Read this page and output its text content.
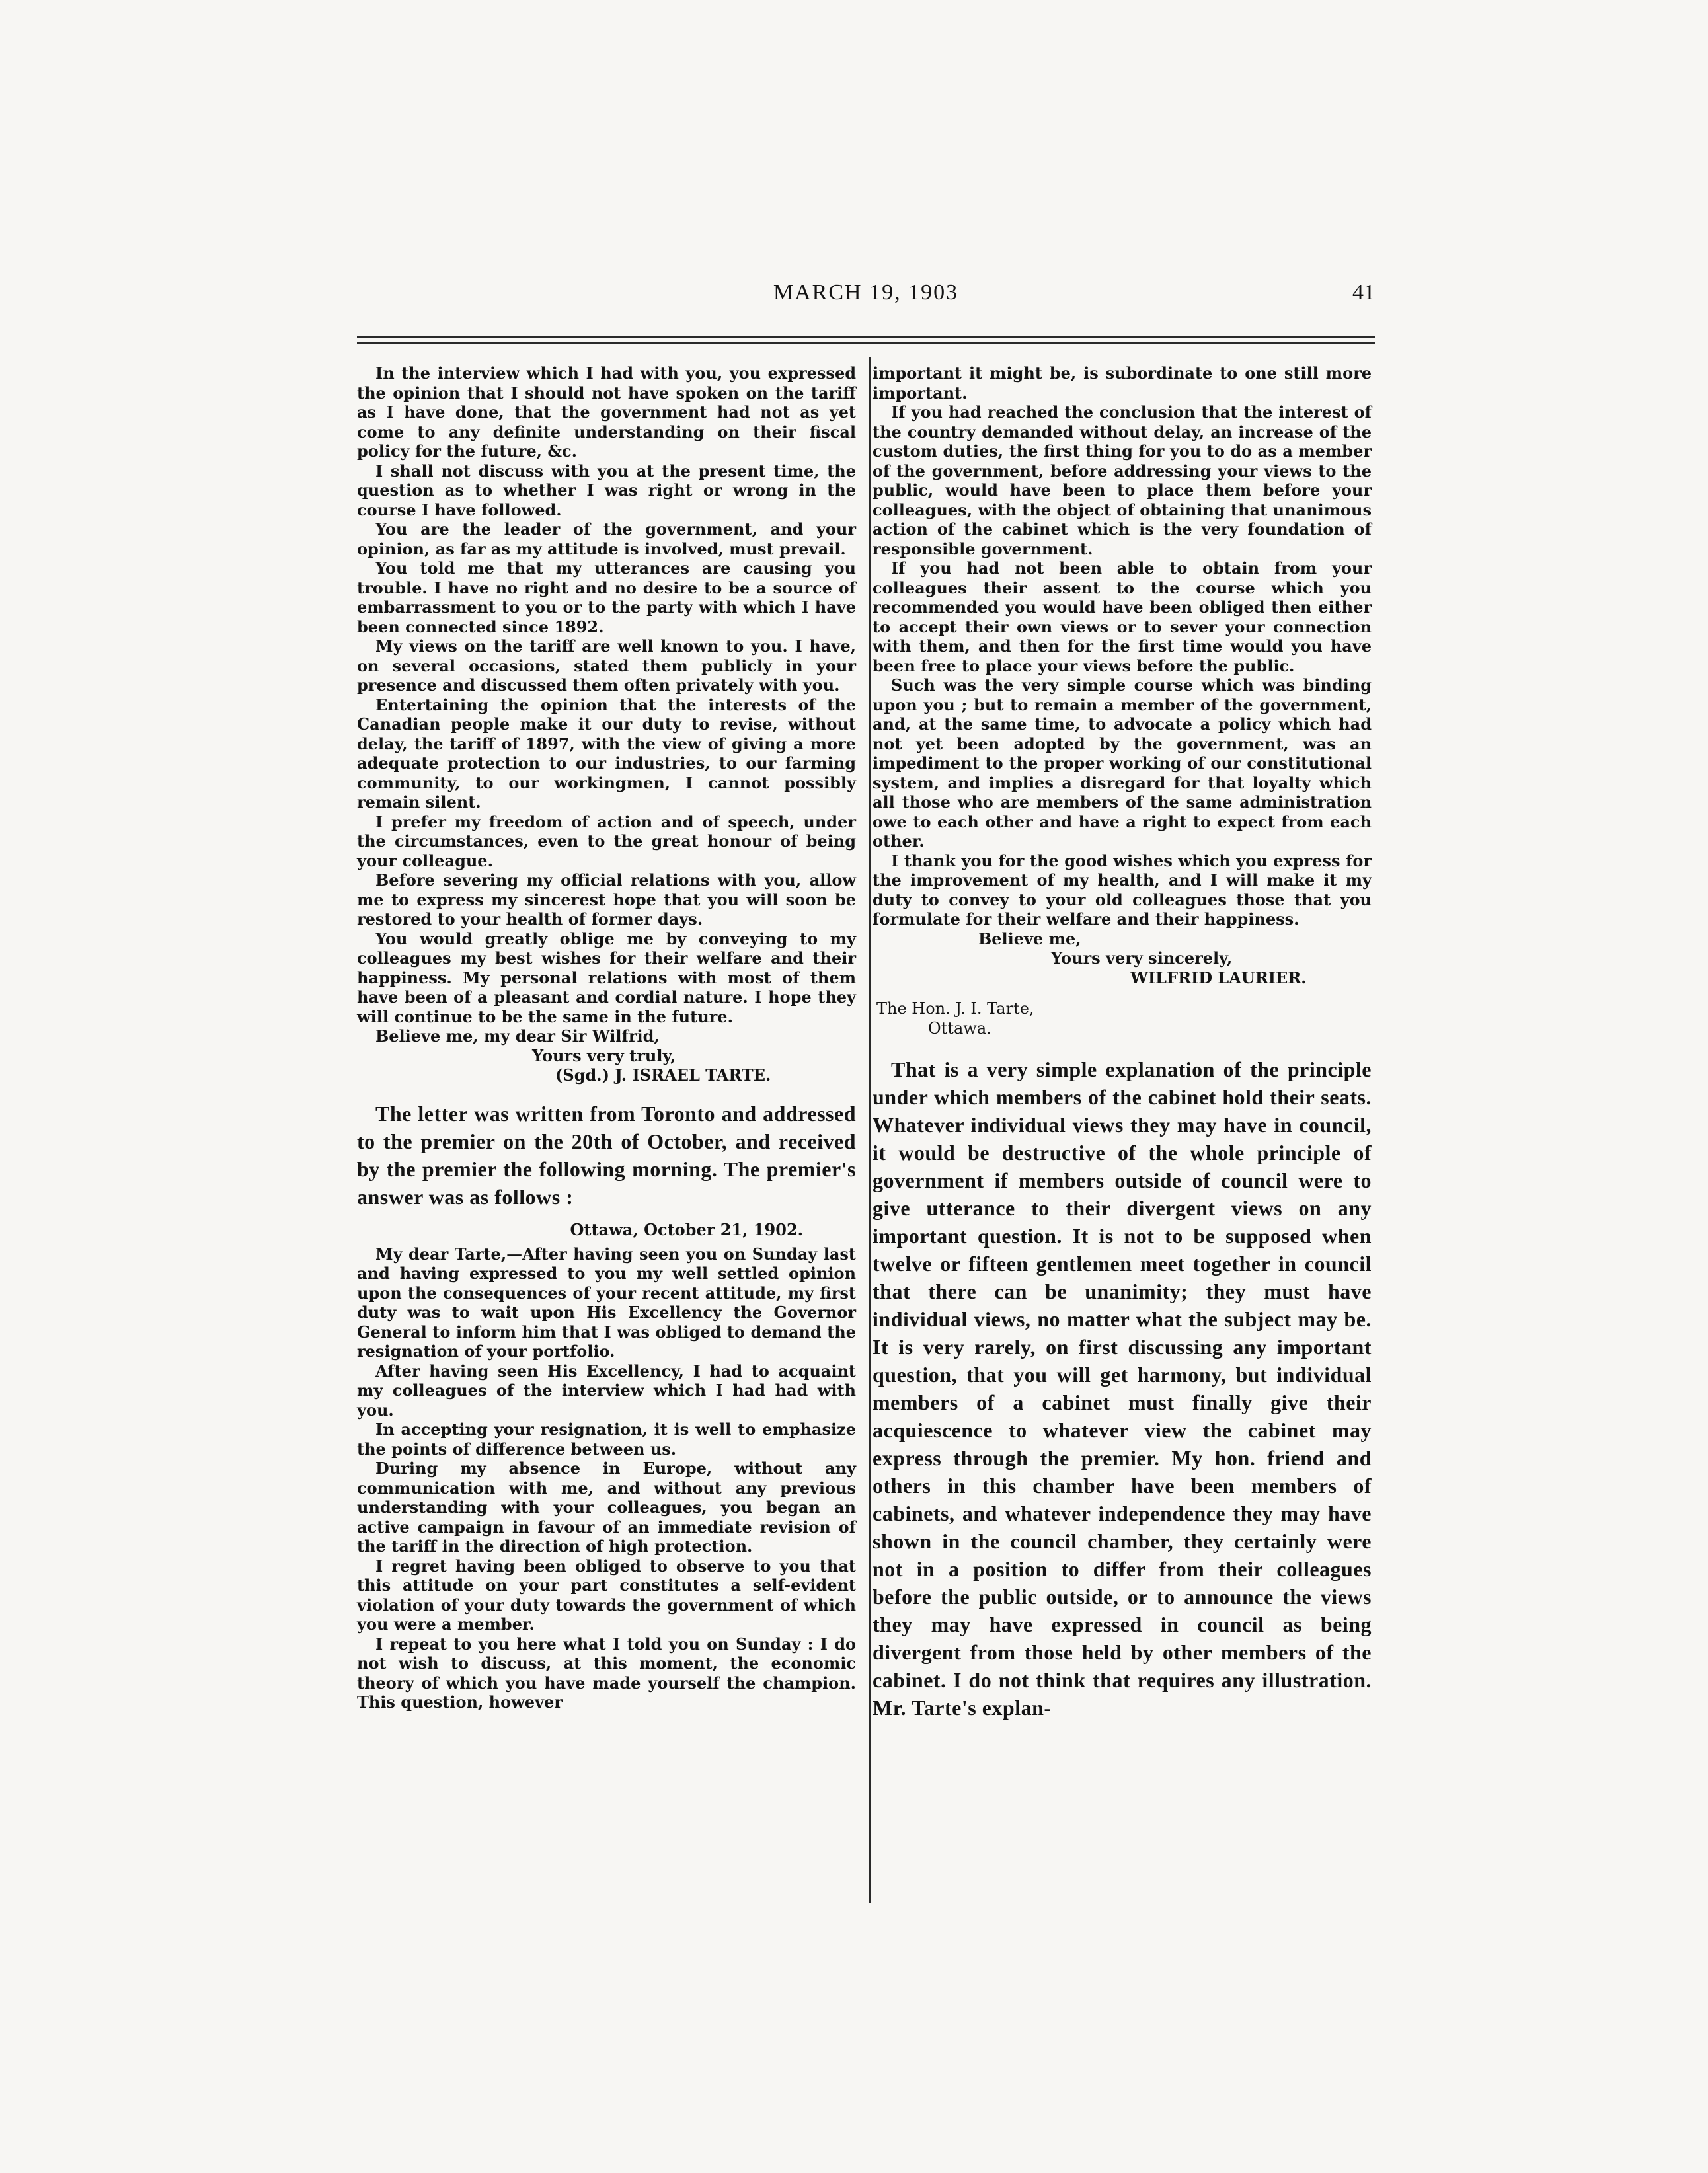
MARCH 19, 1903	41

In the interview which I had with you, you expressed the opinion that I should not have spoken on the tariff as I have done, that the government had not as yet come to any definite understanding on their fiscal policy for the future, &c.

I shall not discuss with you at the present time, the question as to whether I was right or wrong in the course I have followed.

You are the leader of the government, and your opinion, as far as my attitude is involved, must prevail.

You told me that my utterances are causing you trouble. I have no right and no desire to be a source of embarrassment to you or to the party with which I have been connected since 1892.

My views on the tariff are well known to you. I have, on several occasions, stated them publicly in your presence and discussed them often privately with you.

Entertaining the opinion that the interests of the Canadian people make it our duty to revise, without delay, the tariff of 1897, with the view of giving a more adequate protection to our industries, to our farming community, to our workingmen, I cannot possibly remain silent.

I prefer my freedom of action and of speech, under the circumstances, even to the great honour of being your colleague.

Before severing my official relations with you, allow me to express my sincerest hope that you will soon be restored to your health of former days.

You would greatly oblige me by conveying to my colleagues my best wishes for their welfare and their happiness. My personal relations with most of them have been of a pleasant and cordial nature. I hope they will continue to be the same in the future.

Believe me, my dear Sir Wilfrid,
Yours very truly,
(Sgd.) J. ISRAEL TARTE.

The letter was written from Toronto and addressed to the premier on the 20th of October, and received by the premier the following morning. The premier's answer was as follows :

Ottawa, October 21, 1902.

My dear Tarte,—After having seen you on Sunday last and having expressed to you my well settled opinion upon the consequences of your recent attitude, my first duty was to wait upon His Excellency the Governor General to inform him that I was obliged to demand the resignation of your portfolio.

After having seen His Excellency, I had to acquaint my colleagues of the interview which I had had with you.

In accepting your resignation, it is well to emphasize the points of difference between us.

During my absence in Europe, without any communication with me, and without any previous understanding with your colleagues, you began an active campaign in favour of an immediate revision of the tariff in the direction of high protection.

I regret having been obliged to observe to you that this attitude on your part constitutes a self-evident violation of your duty towards the government of which you were a member.

I repeat to you here what I told you on Sunday : I do not wish to discuss, at this moment, the economic theory of which you have made yourself the champion. This question, however

important it might be, is subordinate to one still more important.

If you had reached the conclusion that the interest of the country demanded without delay, an increase of the custom duties, the first thing for you to do as a member of the government, before addressing your views to the public, would have been to place them before your colleagues, with the object of obtaining that unanimous action of the cabinet which is the very foundation of responsible government.

If you had not been able to obtain from your colleagues their assent to the course which you recommended you would have been obliged then either to accept their own views or to sever your connection with them, and then for the first time would you have been free to place your views before the public.

Such was the very simple course which was binding upon you ; but to remain a member of the government, and, at the same time, to advocate a policy which had not yet been adopted by the government, was an impediment to the proper working of our constitutional system, and implies a disregard for that loyalty which all those who are members of the same administration owe to each other and have a right to expect from each other.

I thank you for the good wishes which you express for the improvement of my health, and I will make it my duty to convey to your old colleagues those that you formulate for their welfare and their happiness.

Believe me,
Yours very sincerely,
WILFRID LAURIER.
The Hon. J. I. Tarte,
Ottawa.

That is a very simple explanation of the principle under which members of the cabinet hold their seats. Whatever individual views they may have in council, it would be destructive of the whole principle of government if members outside of council were to give utterance to their divergent views on any important question. It is not to be supposed when twelve or fifteen gentlemen meet together in council that there can be unanimity; they must have individual views, no matter what the subject may be. It is very rarely, on first discussing any important question, that you will get harmony, but individual members of a cabinet must finally give their acquiescence to whatever view the cabinet may express through the premier. My hon. friend and others in this chamber have been members of cabinets, and whatever independence they may have shown in the council chamber, they certainly were not in a position to differ from their colleagues before the public outside, or to announce the views they may have expressed in council as being divergent from those held by other members of the cabinet. I do not think that requires any illustration. Mr. Tarte's explan-
